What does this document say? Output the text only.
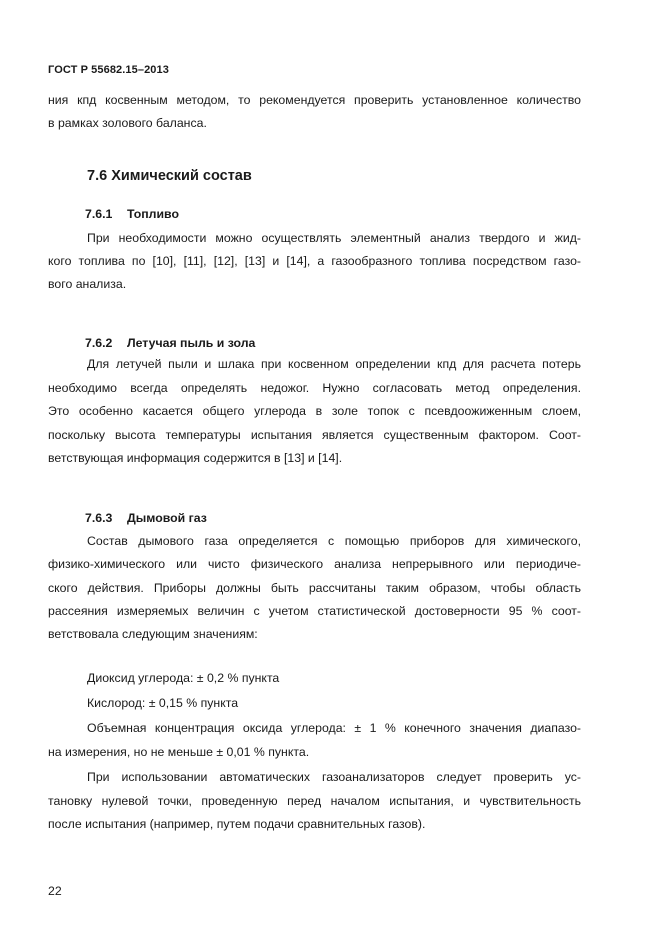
ГОСТ Р 55682.15–2013
ния кпд косвенным методом, то рекомендуется проверить установленное количество
в рамках золового баланса.
7.6 Химический состав
7.6.1 Топливо
При необходимости можно осуществлять элементный анализ твердого и жид-
кого топлива по [10], [11], [12], [13] и [14], а газообразного топлива посредством газо-
вого анализа.
7.6.2 Летучая пыль и зола
Для летучей пыли и шлака при косвенном определении кпд для расчета потерь
необходимо всегда определять недожог. Нужно согласовать метод определения.
Это особенно касается общего углерода в золе топок с псевдоожиженным слоем,
поскольку высота температуры испытания является существенным фактором. Соот-
ветствующая информация содержится в [13] и [14].
7.6.3 Дымовой газ
Состав дымового газа определяется с помощью приборов для химического,
физико-химического или чисто физического анализа непрерывного или периодиче-
ского действия. Приборы должны быть рассчитаны таким образом, чтобы область
рассеяния измеряемых величин с учетом статистической достоверности 95 % соот-
ветствовала следующим значениям:
Диоксид углерода: ± 0,2 % пункта
Кислород: ± 0,15 % пункта
Объемная концентрация оксида углерода: ± 1 % конечного значения диапазо-
на измерения, но не меньше ± 0,01 % пункта.
При использовании автоматических газоанализаторов следует проверить ус-
тановку нулевой точки, проведенную перед началом испытания, и чувствительность
после испытания (например, путем подачи сравнительных газов).
22
